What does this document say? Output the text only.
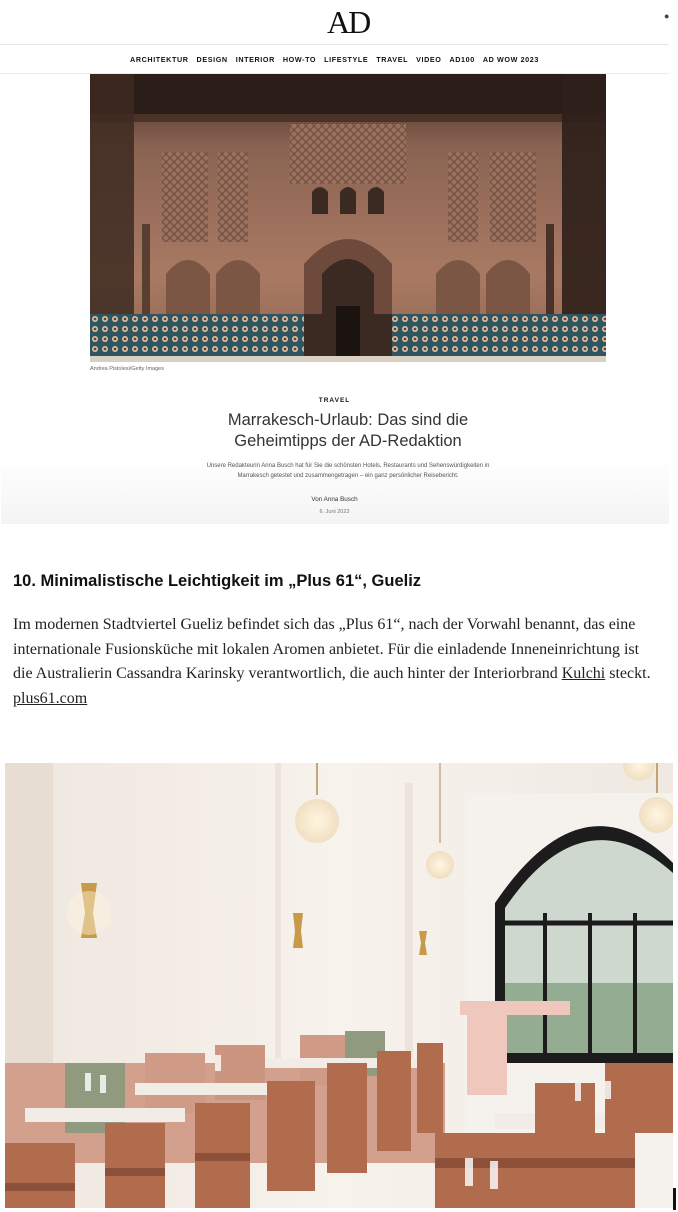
AD	●
ARCHITEKTUR DESIGN INTERIOR HOW-TO LIFESTYLE TRAVEL VIDEO AD100 AD WOW 2023
Andrea Pistolesi/Getty Images
TRAVEL
Marrakesch-Urlaub: Das sind die
Geheimtipps der AD-Redaktion

Unsere Redakteurin Anna Busch hat für Sie die schönsten Hotels, Restaurants und Sehenswürdigkeiten in
Marrakesch getestet und zusammengetragen – ein ganz persönlicher Reisebericht.

Von Anna Busch
6. Juni 2023
10. Minimalistische Leichtigkeit im „Plus 61“, Gueliz

Im modernen Stadtviertel Gueliz befindet sich das „Plus 61“, nach der Vorwahl benannt, das eine internationale Fusionsküche mit lokalen Aromen anbietet. Für die einladende Inneneinrichtung ist die Australierin Cassandra Karinsky verantwortlich, die auch hinter der Interiorbrand Kulchi steckt. plus61.com
